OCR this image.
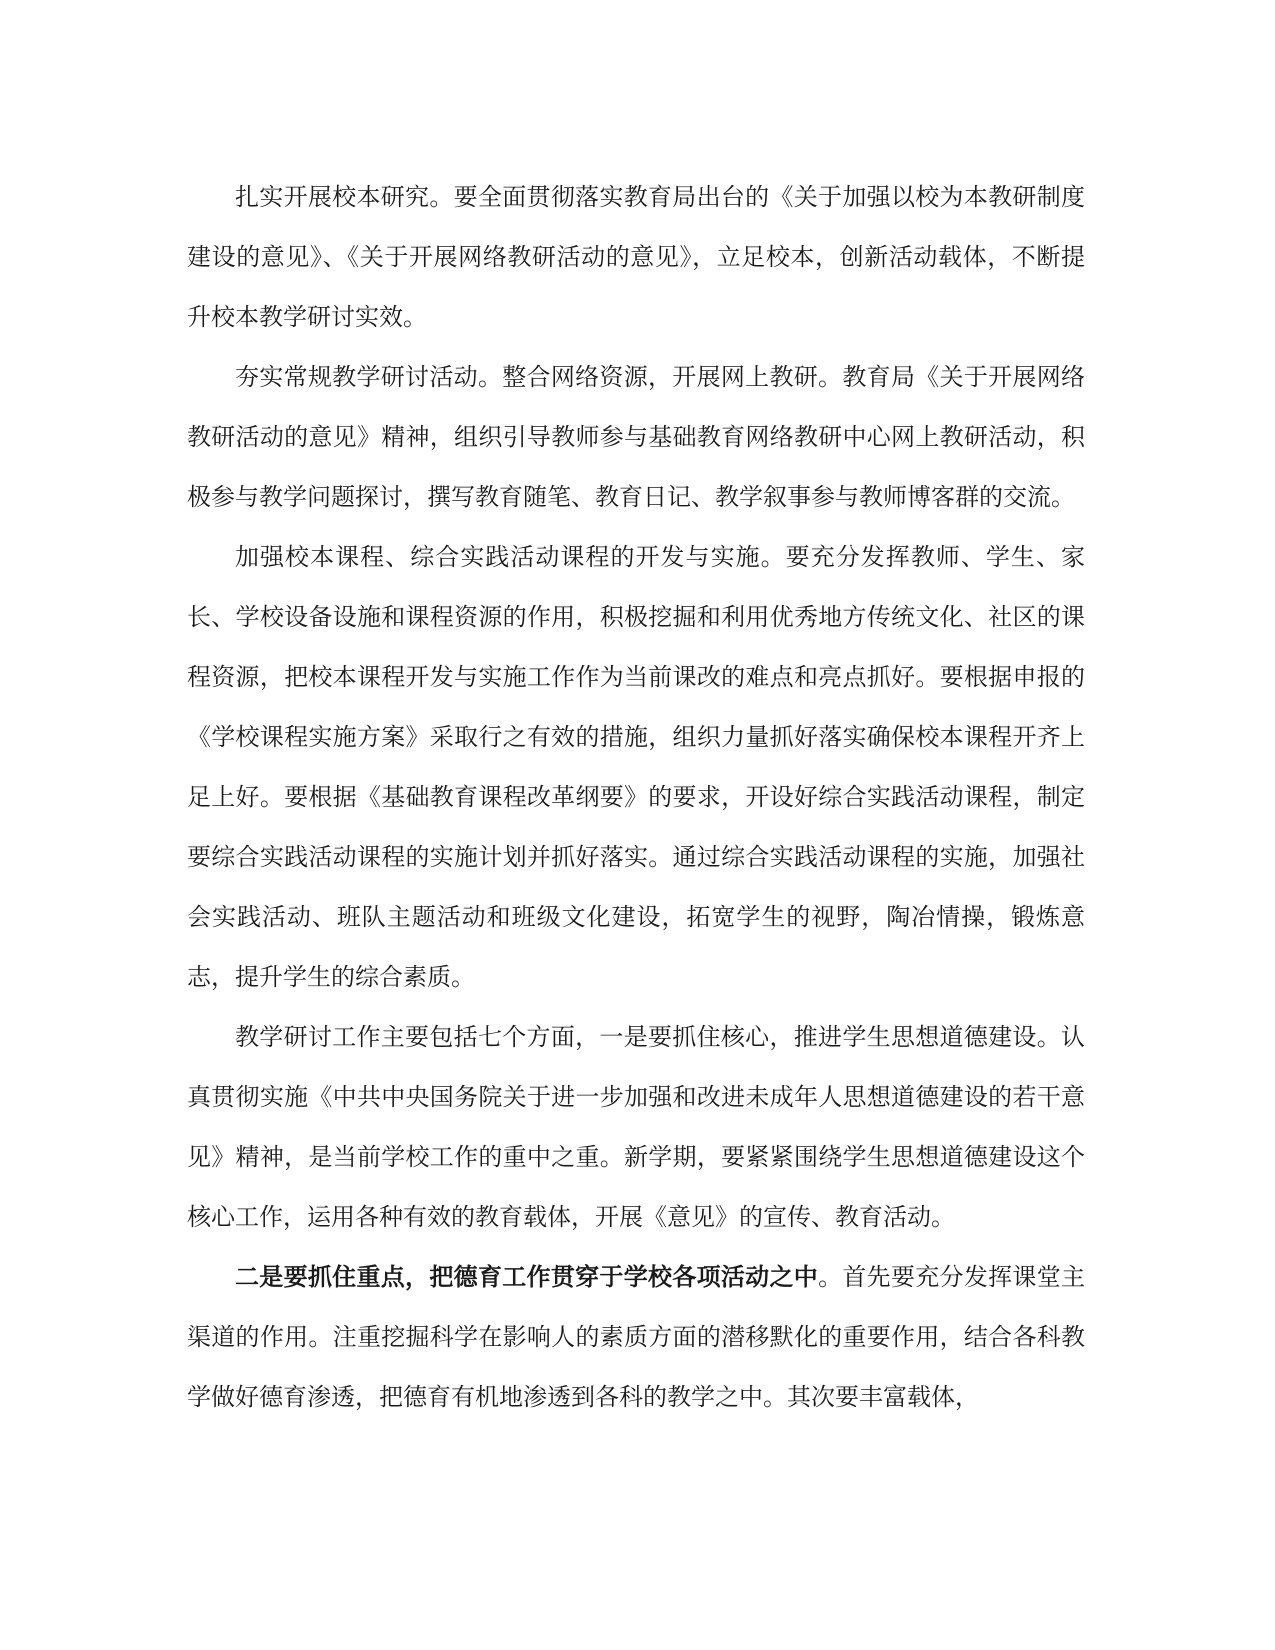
扎实开展校本研究。要全面贯彻落实教育局出台的《关于加强以校为本教研制度建设的意见》、《关于开展网络教研活动的意见》，立足校本，创新活动载体，不断提升校本教学研讨实效。

夯实常规教学研讨活动。整合网络资源，开展网上教研。教育局《关于开展网络教研活动的意见》精神，组织引导教师参与基础教育网络教研中心网上教研活动，积极参与教学问题探讨，撰写教育随笔、教育日记、教学叙事参与教师博客群的交流。

加强校本课程、综合实践活动课程的开发与实施。要充分发挥教师、学生、家长、学校设备设施和课程资源的作用，积极挖掘和利用优秀地方传统文化、社区的课程资源，把校本课程开发与实施工作作为当前课改的难点和亮点抓好。要根据申报的《学校课程实施方案》采取行之有效的措施，组织力量抓好落实确保校本课程开齐上足上好。要根据《基础教育课程改革纲要》的要求，开设好综合实践活动课程，制定要综合实践活动课程的实施计划并抓好落实。通过综合实践活动课程的实施，加强社会实践活动、班队主题活动和班级文化建设，拓宽学生的视野，陶冶情操，锻炼意志，提升学生的综合素质。

教学研讨工作主要包括七个方面，一是要抓住核心，推进学生思想道德建设。认真贯彻实施《中共中央国务院关于进一步加强和改进未成年人思想道德建设的若干意见》精神，是当前学校工作的重中之重。新学期，要紧紧围绕学生思想道德建设这个核心工作，运用各种有效的教育载体，开展《意见》的宣传、教育活动。

二是要抓住重点，把德育工作贯穿于学校各项活动之中。首先要充分发挥课堂主渠道的作用。注重挖掘科学在影响人的素质方面的潜移默化的重要作用，结合各科教学做好德育渗透，把德育有机地渗透到各科的教学之中。其次要丰富载体，
